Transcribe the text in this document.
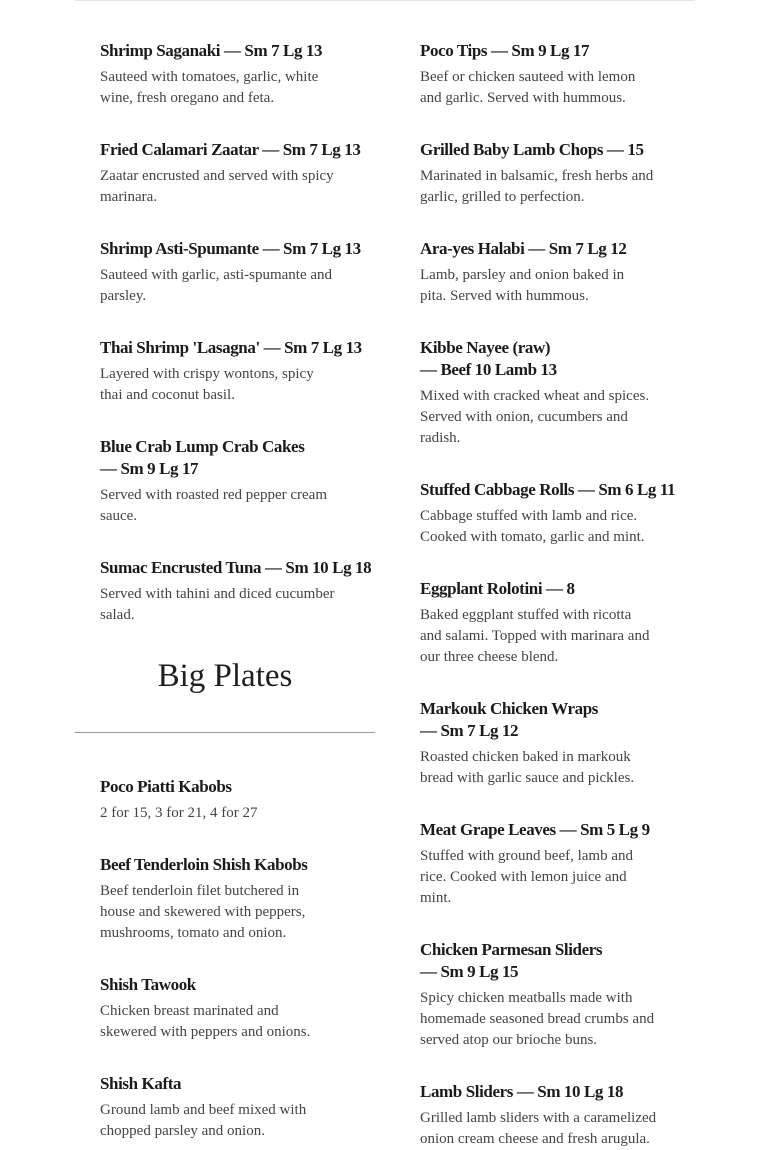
Shrimp Saganaki — Sm 7 Lg 13
Sauteed with tomatoes, garlic, white
wine, fresh oregano and feta.
Fried Calamari Zaatar — Sm 7 Lg 13
Zaatar encrusted and served with spicy
marinara.
Shrimp Asti-Spumante — Sm 7 Lg 13
Sauteed with garlic, asti-spumante and
parsley.
Thai Shrimp 'Lasagna' — Sm 7 Lg 13
Layered with crispy wontons, spicy
thai and coconut basil.
Blue Crab Lump Crab Cakes
— Sm 9 Lg 17
Served with roasted red pepper cream
sauce.
Sumac Encrusted Tuna — Sm 10 Lg 18
Served with tahini and diced cucumber
salad.
Big Plates
Poco Piatti Kabobs
2 for 15, 3 for 21, 4 for 27
Beef Tenderloin Shish Kabobs
Beef tenderloin filet butchered in
house and skewered with peppers,
mushrooms, tomato and onion.
Shish Tawook
Chicken breast marinated and
skewered with peppers and onions.
Shish Kafta
Ground lamb and beef mixed with
chopped parsley and onion.
Poco Tips — Sm 9 Lg 17
Beef or chicken sauteed with lemon
and garlic. Served with hummous.
Grilled Baby Lamb Chops — 15
Marinated in balsamic, fresh herbs and
garlic, grilled to perfection.
Ara-yes Halabi — Sm 7 Lg 12
Lamb, parsley and onion baked in
pita. Served with hummous.
Kibbe Nayee (raw)
— Beef 10 Lamb 13
Mixed with cracked wheat and spices.
Served with onion, cucumbers and
radish.
Stuffed Cabbage Rolls — Sm 6 Lg 11
Cabbage stuffed with lamb and rice.
Cooked with tomato, garlic and mint.
Eggplant Rolotini — 8
Baked eggplant stuffed with ricotta
and salami. Topped with marinara and
our three cheese blend.
Markouk Chicken Wraps
— Sm 7 Lg 12
Roasted chicken baked in markouk
bread with garlic sauce and pickles.
Meat Grape Leaves — Sm 5 Lg 9
Stuffed with ground beef, lamb and
rice. Cooked with lemon juice and
mint.
Chicken Parmesan Sliders
— Sm 9 Lg 15
Spicy chicken meatballs made with
homemade seasoned bread crumbs and
served atop our brioche buns.
Lamb Sliders — Sm 10 Lg 18
Grilled lamb sliders with a caramelized
onion cream cheese and fresh arugula.
